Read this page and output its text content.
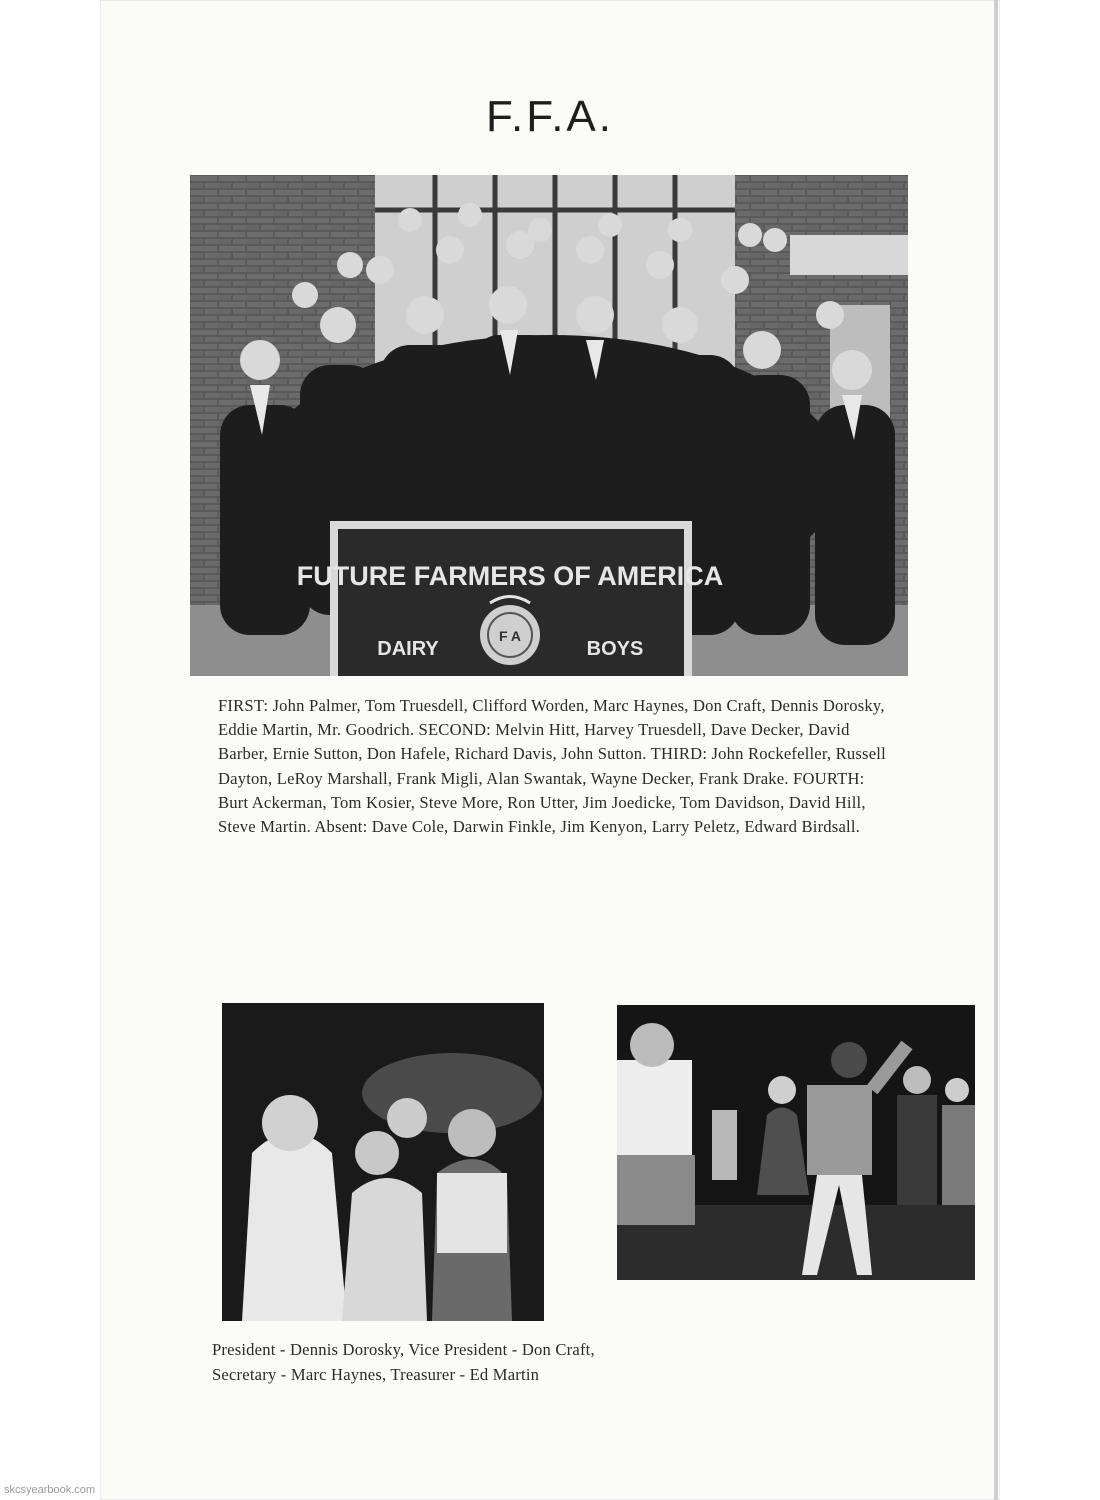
F.F.A.
FUTURE FARMERS OF AMERICA
DAIRY	BOYS
F A

FIRST: John Palmer, Tom Truesdell, Clifford Worden, Marc Haynes, Don Craft, Dennis Dorosky, Eddie Martin, Mr. Goodrich. SECOND: Melvin Hitt, Harvey Truesdell, Dave Decker, David Barber, Ernie Sutton, Don Hafele, Richard Davis, John Sutton. THIRD: John Rockefeller, Russell Dayton, LeRoy Marshall, Frank Migli, Alan Swantak, Wayne Decker, Frank Drake. FOURTH: Burt Ackerman, Tom Kosier, Steve More, Ron Utter, Jim Joedicke, Tom Davidson, David Hill, Steve Martin. Absent: Dave Cole, Darwin Finkle, Jim Kenyon, Larry Peletz, Edward Birdsall.

President - Dennis Dorosky, Vice President - Don Craft,
Secretary - Marc Haynes, Treasurer - Ed Martin

skcsyearbook.com
